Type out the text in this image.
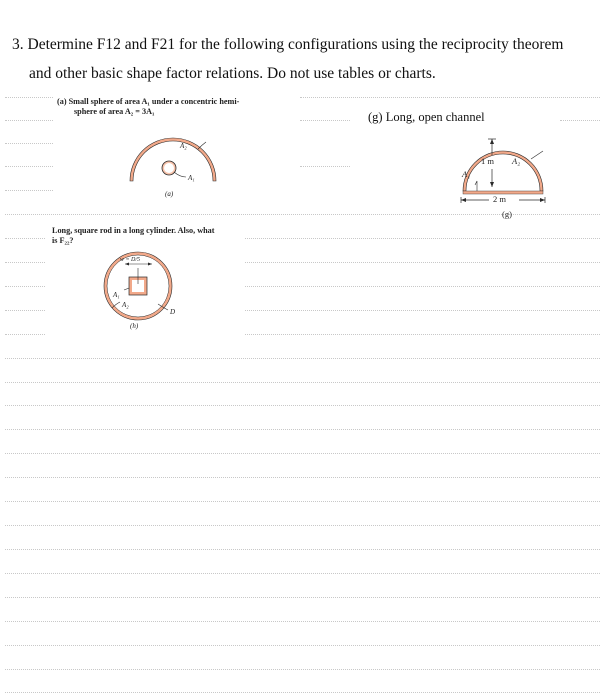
3. Determine F12 and F21 for the following configurations using the reciprocity theorem
and other basic shape factor relations. Do not use tables or charts.
(a) Small sphere of area A₁ under a concentric hemi-
sphere of area A₂ = 3A₁
A₂
A₁
(a)
(g) Long, open channel
1 m A₂
A₁
2 m
(g)
Long, square rod in a long cylinder. Also, what
is F₂₂?
w = D/5
A₁
A₂
D
(h)
